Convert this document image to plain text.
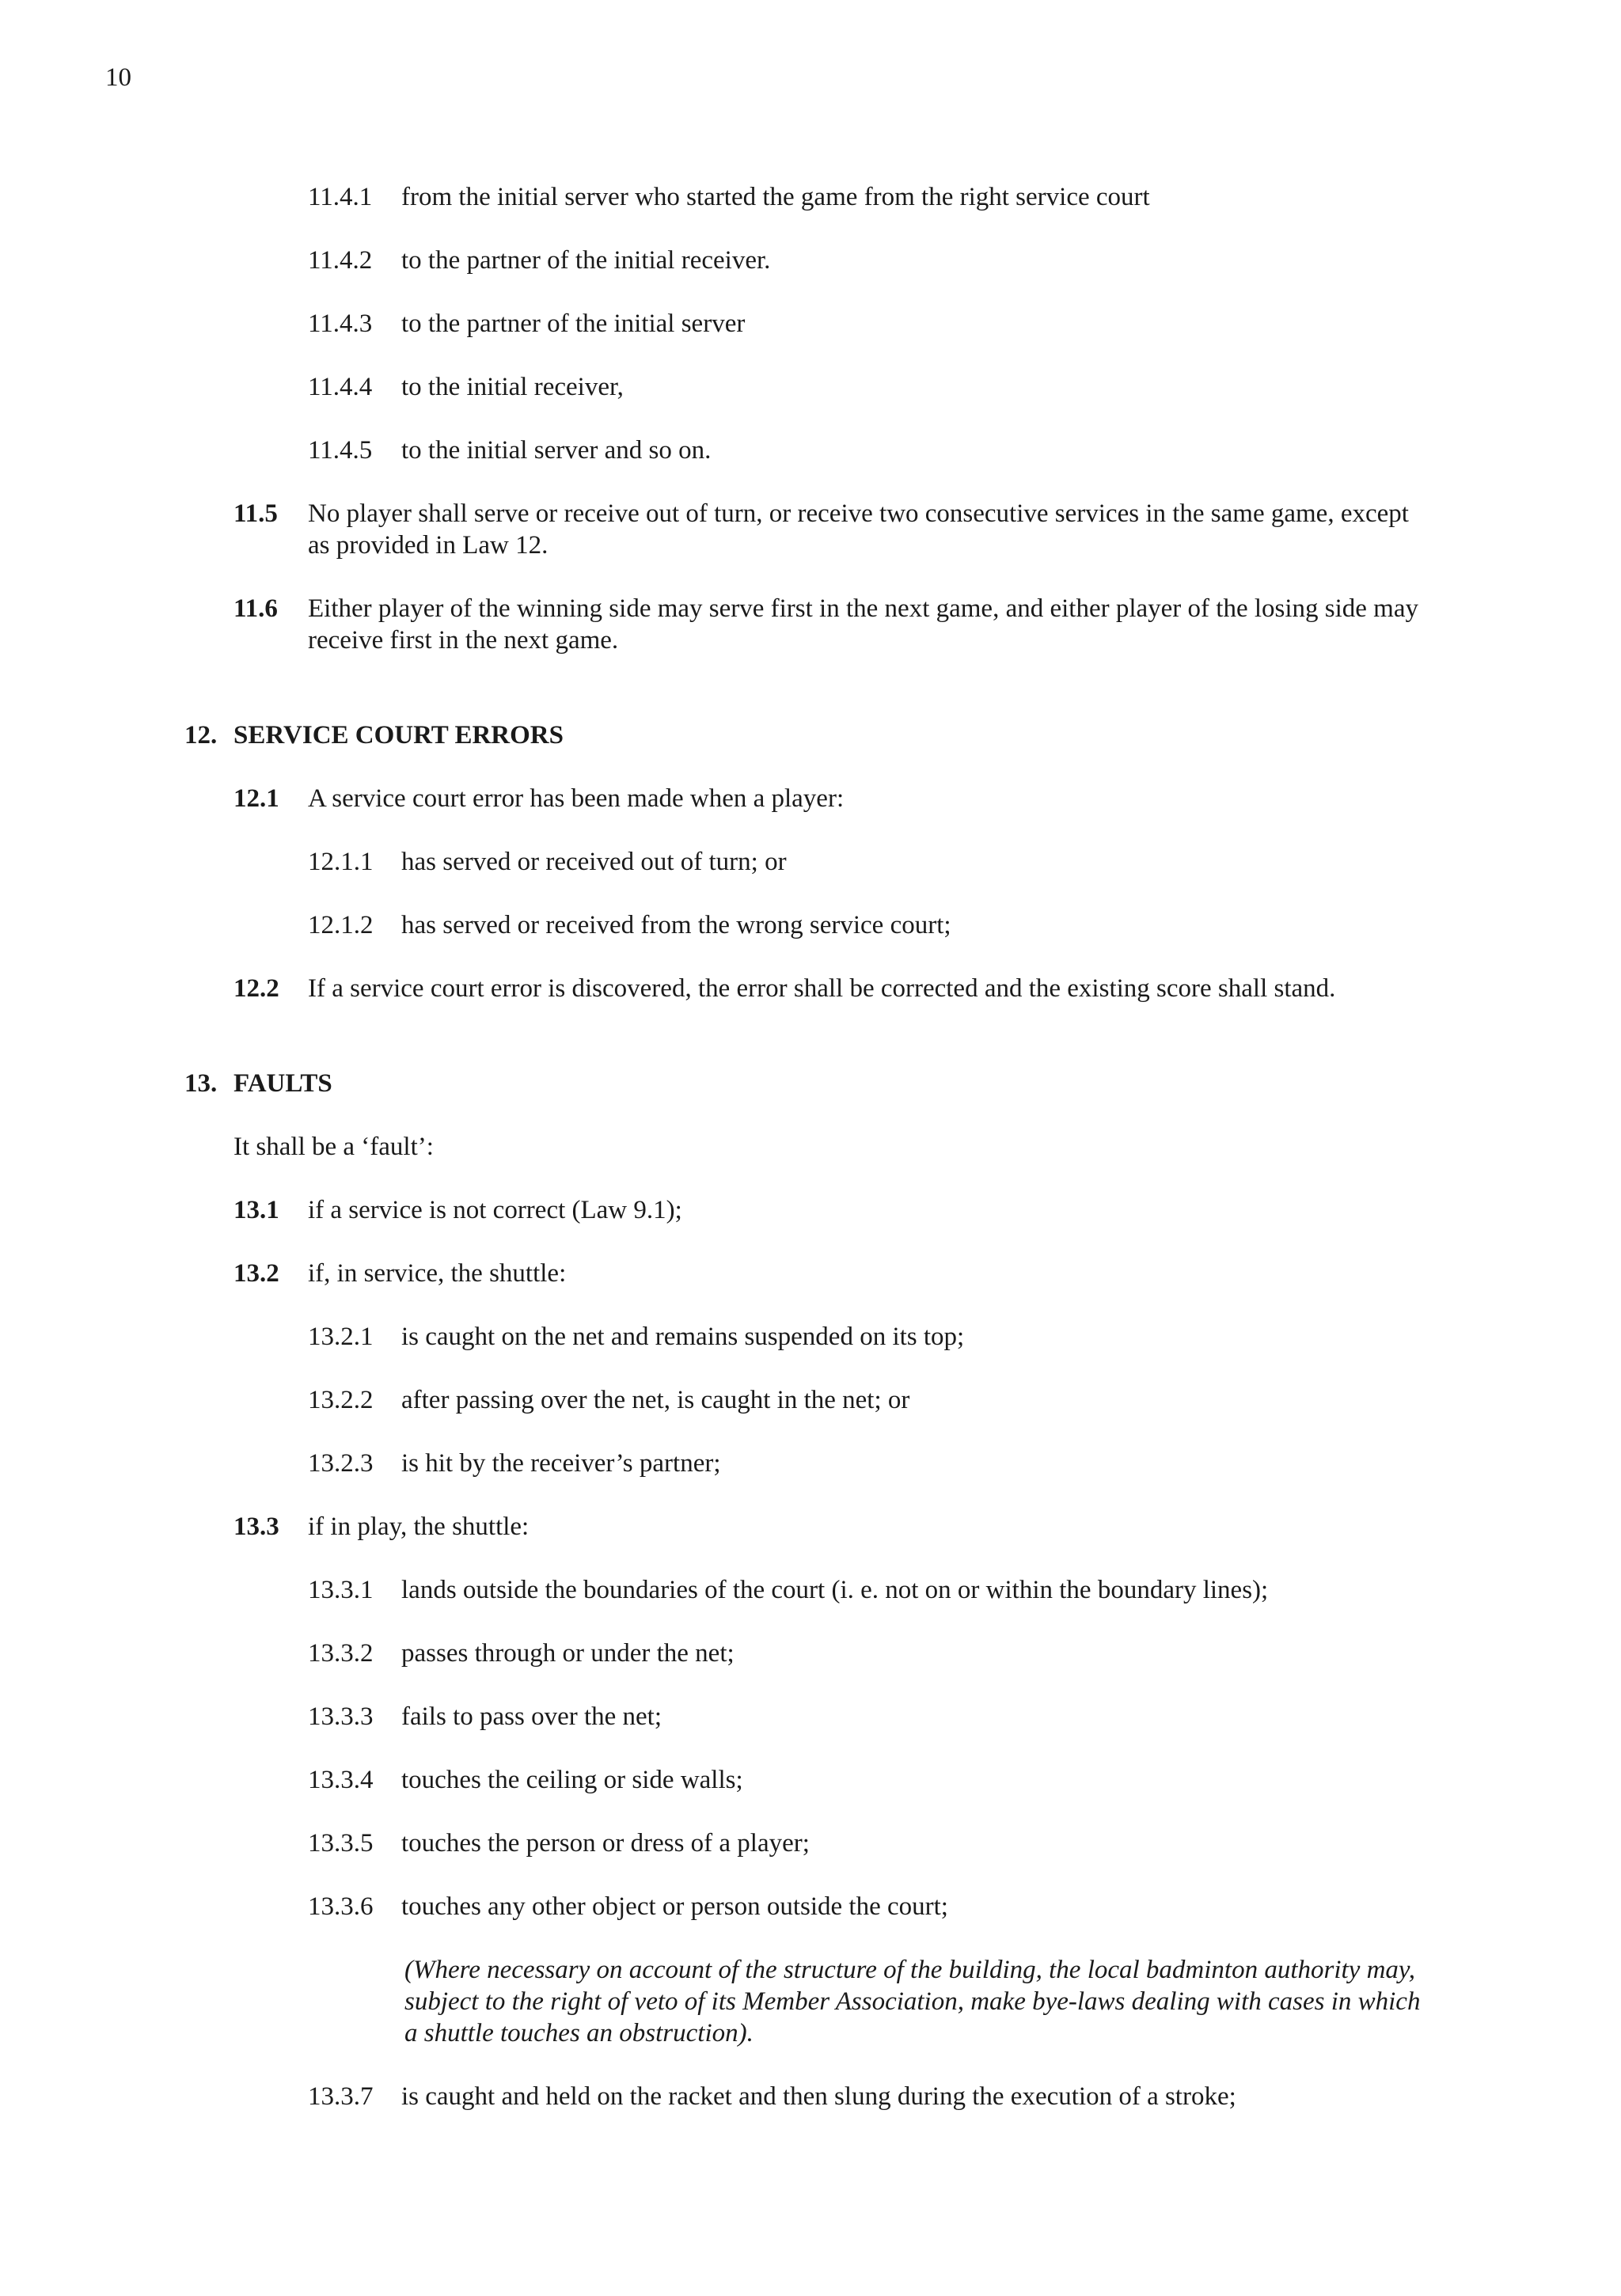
10
11.4.1	from the initial server who started the game from the right service court
11.4.2	to the partner of the initial receiver.
11.4.3	to the partner of the initial server
11.4.4	to the initial receiver,
11.4.5	to the initial server and so on.
11.5 No player shall serve or receive out of turn, or receive two consecutive services in the same game, except
as provided in Law 12.
11.6 Either player of the winning side may serve first in the next game, and either player of the losing side may
receive first in the next game.
12. SERVICE COURT ERRORS
12.1 A service court error has been made when a player:
12.1.1	has served or received out of turn; or
12.1.2	has served or received from the wrong service court;
12.2 If a service court error is discovered, the error shall be corrected and the existing score shall stand.
13. FAULTS
It shall be a ‘fault’:
13.1 if a service is not correct (Law 9.1);
13.2 if, in service, the shuttle:
13.2.1	is caught on the net and remains suspended on its top;
13.2.2	after passing over the net, is caught in the net; or
13.2.3	is hit by the receiver’s partner;
13.3 if in play, the shuttle:
13.3.1	lands outside the boundaries of the court (i. e. not on or within the boundary lines);
13.3.2	passes through or under the net;
13.3.3	fails to pass over the net;
13.3.4	touches the ceiling or side walls;
13.3.5	touches the person or dress of a player;
13.3.6	touches any other object or person outside the court;
(Where necessary on account of the structure of the building, the local badminton authority may,
subject to the right of veto of its Member Association, make bye-laws dealing with cases in which
a shuttle touches an obstruction).
13.3.7	is caught and held on the racket and then slung during the execution of a stroke;
